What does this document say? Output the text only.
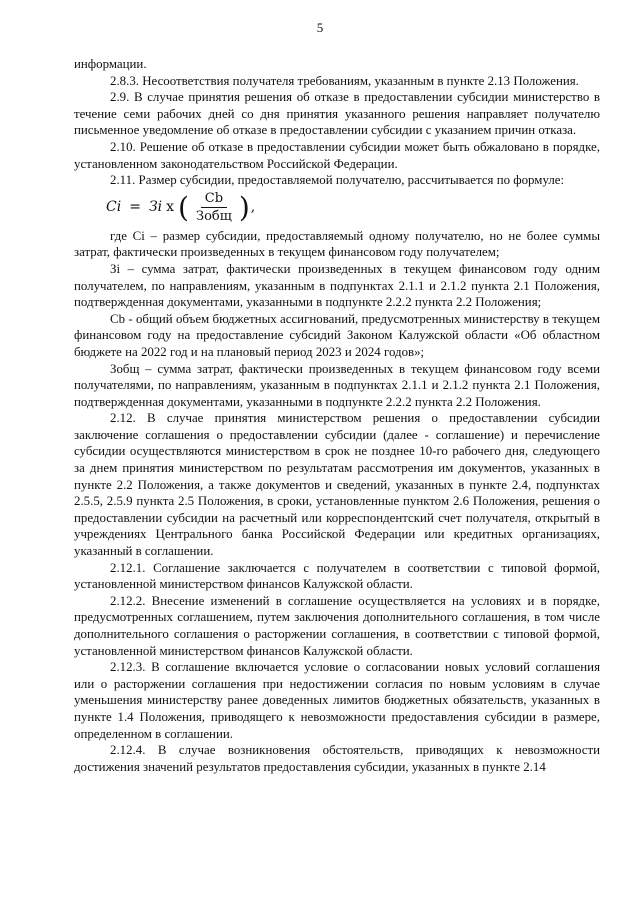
5

информации.

2.8.3. Несоответствия получателя требованиям, указанным в пункте 2.13 Положения.

2.9. В случае принятия решения об отказе в предоставлении субсидии министерство в течение семи рабочих дней со дня принятия указанного решения направляет получателю письменное уведомление об отказе в предоставлении субсидии с указанием причин отказа.

2.10. Решение об отказе в предоставлении субсидии может быть обжаловано в порядке, установленном законодательством Российской Федерации.

2.11. Размер субсидии, предоставляемой получателю, рассчитывается по формуле:

Ci = Зi x ( $\frac{Cb}{\text{Зобщ}}$ ) ,

где Сi – размер субсидии, предоставляемый одному получателю, но не более суммы затрат, фактически произведенных в текущем финансовом году получателем;

Зi – сумма затрат, фактически произведенных в текущем финансовом году одним получателем, по направлениям, указанным в подпунктах 2.1.1 и 2.1.2 пункта 2.1 Положения, подтвержденная документами, указанными в подпункте 2.2.2 пункта 2.2 Положения;

Cb - общий объем бюджетных ассигнований, предусмотренных министерству в текущем финансовом году на предоставление субсидий Законом Калужской области «Об областном бюджете на 2022 год и на плановый период 2023 и 2024 годов»;

Зобщ – сумма затрат, фактически произведенных в текущем финансовом году всеми получателями, по направлениям, указанным в подпунктах 2.1.1 и 2.1.2 пункта 2.1 Положения, подтвержденная документами, указанными в подпункте 2.2.2 пункта 2.2 Положения.

2.12. В случае принятия министерством решения о предоставлении субсидии заключение соглашения о предоставлении субсидии (далее - соглашение) и перечисление субсидии осуществляются министерством в срок не позднее 10-го рабочего дня, следующего за днем принятия министерством по результатам рассмотрения им документов, указанных в пункте 2.2 Положения, а также документов и сведений, указанных в пункте 2.4, подпунктах 2.5.5, 2.5.9 пункта 2.5 Положения, в сроки, установленные пунктом 2.6 Положения, решения о предоставлении субсидии на расчетный или корреспондентский счет получателя, открытый в учреждениях Центрального банка Российской Федерации или кредитных организациях, указанный в соглашении.

2.12.1. Соглашение заключается с получателем в соответствии с типовой формой, установленной министерством финансов Калужской области.

2.12.2. Внесение изменений в соглашение осуществляется на условиях и в порядке, предусмотренных соглашением, путем заключения дополнительного соглашения, в том числе дополнительного соглашения о расторжении соглашения, в соответствии с типовой формой, установленной министерством финансов Калужской области.

2.12.3. В соглашение включается условие о согласовании новых условий соглашения или о расторжении соглашения при недостижении согласия по новым условиям в случае уменьшения министерству ранее доведенных лимитов бюджетных обязательств, указанных в пункте 1.4 Положения, приводящего к невозможности предоставления субсидии в размере, определенном в соглашении.

2.12.4. В случае возникновения обстоятельств, приводящих к невозможности достижения значений результатов предоставления субсидии, указанных в пункте 2.14
